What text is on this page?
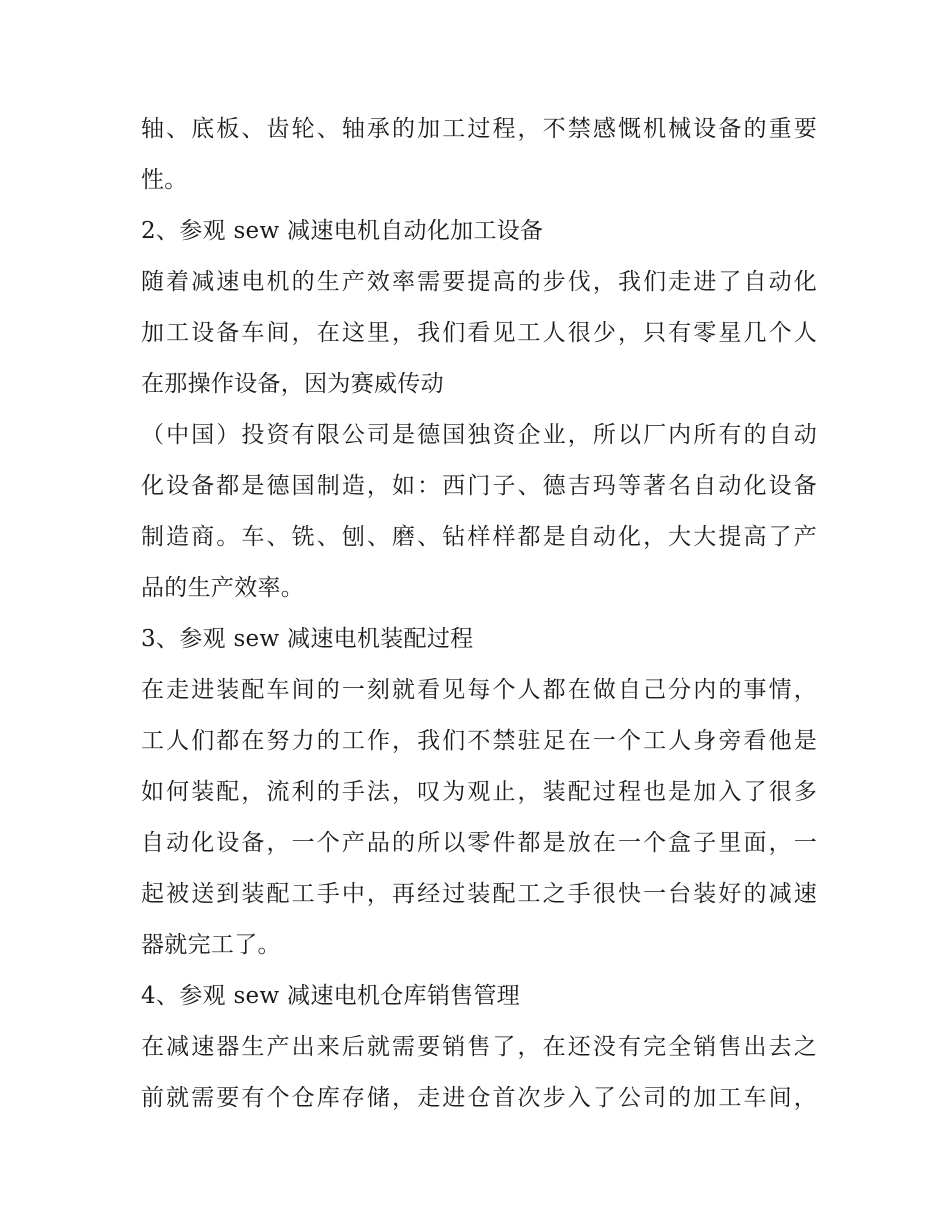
轴、底板、齿轮、轴承的加工过程，不禁感慨机械设备的重要

性。

2、参观 sew 减速电机自动化加工设备

随着减速电机的生产效率需要提高的步伐，我们走进了自动化

加工设备车间，在这里，我们看见工人很少，只有零星几个人

在那操作设备，因为赛威传动

（中国）投资有限公司是德国独资企业，所以厂内所有的自动

化设备都是德国制造，如：西门子、德吉玛等著名自动化设备

制造商。车、铣、刨、磨、钻样样都是自动化，大大提高了产

品的生产效率。

3、参观 sew 减速电机装配过程

在走进装配车间的一刻就看见每个人都在做自己分内的事情，

工人们都在努力的工作，我们不禁驻足在一个工人身旁看他是

如何装配，流利的手法，叹为观止，装配过程也是加入了很多

自动化设备，一个产品的所以零件都是放在一个盒子里面，一

起被送到装配工手中，再经过装配工之手很快一台装好的减速

器就完工了。

4、参观 sew 减速电机仓库销售管理

在减速器生产出来后就需要销售了，在还没有完全销售出去之

前就需要有个仓库存储，走进仓首次步入了公司的加工车间，
